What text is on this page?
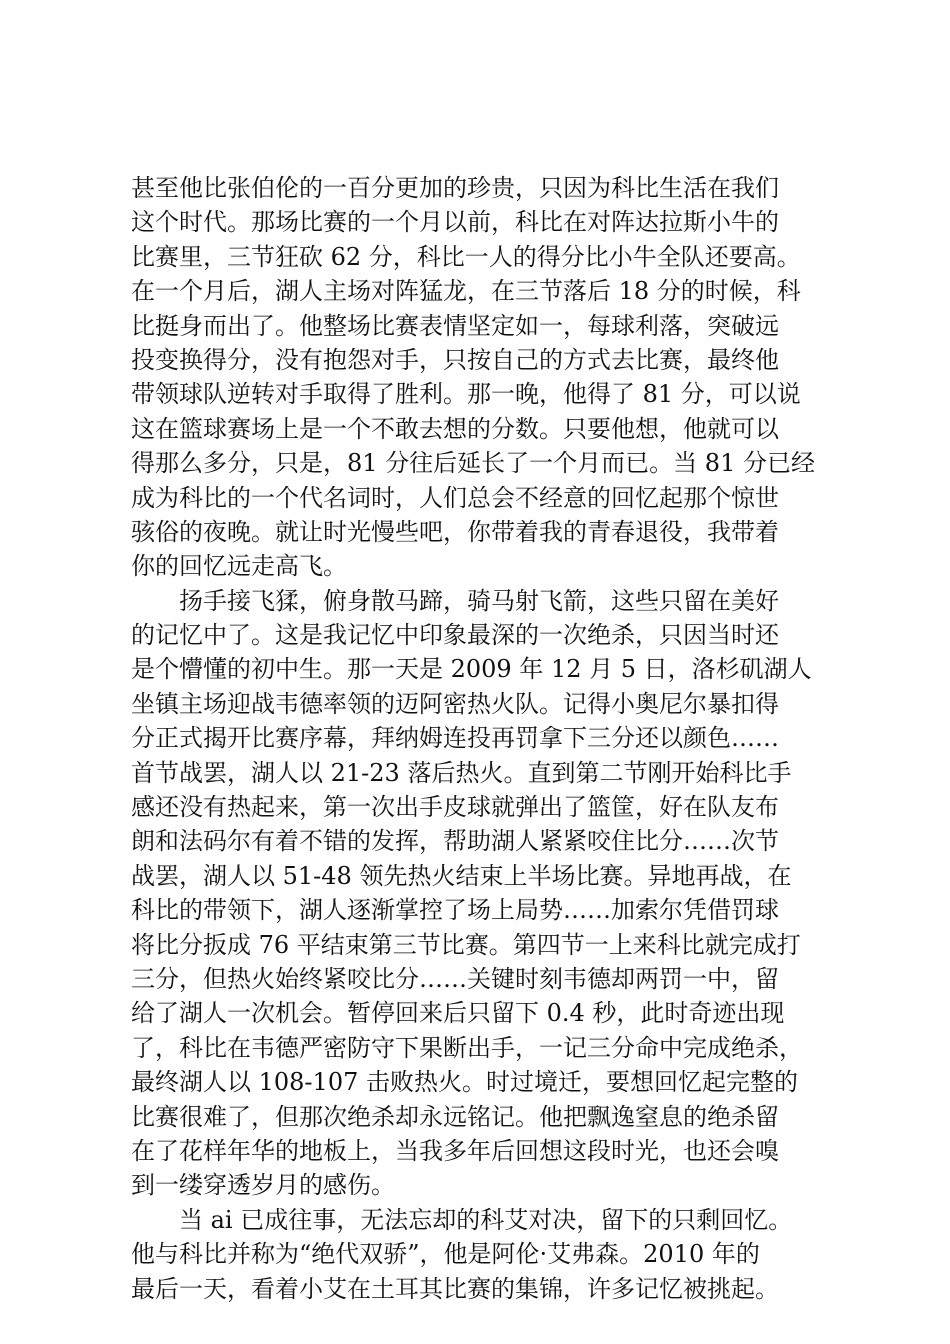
甚至他比张伯伦的一百分更加的珍贵，只因为科比生活在我们
这个时代。那场比赛的一个月以前，科比在对阵达拉斯小牛的
比赛里，三节狂砍 62 分，科比一人的得分比小牛全队还要高。
在一个月后，湖人主场对阵猛龙，在三节落后 18 分的时候，科
比挺身而出了。他整场比赛表情坚定如一，每球利落，突破远
投变换得分，没有抱怨对手，只按自己的方式去比赛，最终他
带领球队逆转对手取得了胜利。那一晚，他得了 81 分，可以说
这在篮球赛场上是一个不敢去想的分数。只要他想，他就可以
得那么多分，只是，81 分往后延长了一个月而已。当 81 分已经
成为科比的一个代名词时，人们总会不经意的回忆起那个惊世
骇俗的夜晚。就让时光慢些吧，你带着我的青春退役，我带着
你的回忆远走高飞。
　　扬手接飞猱，俯身散马蹄，骑马射飞箭，这些只留在美好
的记忆中了。这是我记忆中印象最深的一次绝杀，只因当时还
是个懵懂的初中生。那一天是 2009 年 12 月 5 日，洛杉矶湖人
坐镇主场迎战韦德率领的迈阿密热火队。记得小奥尼尔暴扣得
分正式揭开比赛序幕，拜纳姆连投再罚拿下三分还以颜色……
首节战罢，湖人以 21-23 落后热火。直到第二节刚开始科比手
感还没有热起来，第一次出手皮球就弹出了篮筐，好在队友布
朗和法码尔有着不错的发挥，帮助湖人紧紧咬住比分……次节
战罢，湖人以 51-48 领先热火结束上半场比赛。异地再战，在
科比的带领下，湖人逐渐掌控了场上局势……加索尔凭借罚球
将比分扳成 76 平结束第三节比赛。第四节一上来科比就完成打
三分，但热火始终紧咬比分……关键时刻韦德却两罚一中，留
给了湖人一次机会。暂停回来后只留下 0.4 秒，此时奇迹出现
了，科比在韦德严密防守下果断出手，一记三分命中完成绝杀，
最终湖人以 108-107 击败热火。时过境迁，要想回忆起完整的
比赛很难了，但那次绝杀却永远铭记。他把飘逸窒息的绝杀留
在了花样年华的地板上，当我多年后回想这段时光，也还会嗅
到一缕穿透岁月的感伤。
　　当 ai 已成往事，无法忘却的科艾对决，留下的只剩回忆。
他与科比并称为“绝代双骄”，他是阿伦·艾弗森。2010 年的
最后一天，看着小艾在土耳其比赛的集锦，许多记忆被挑起。
